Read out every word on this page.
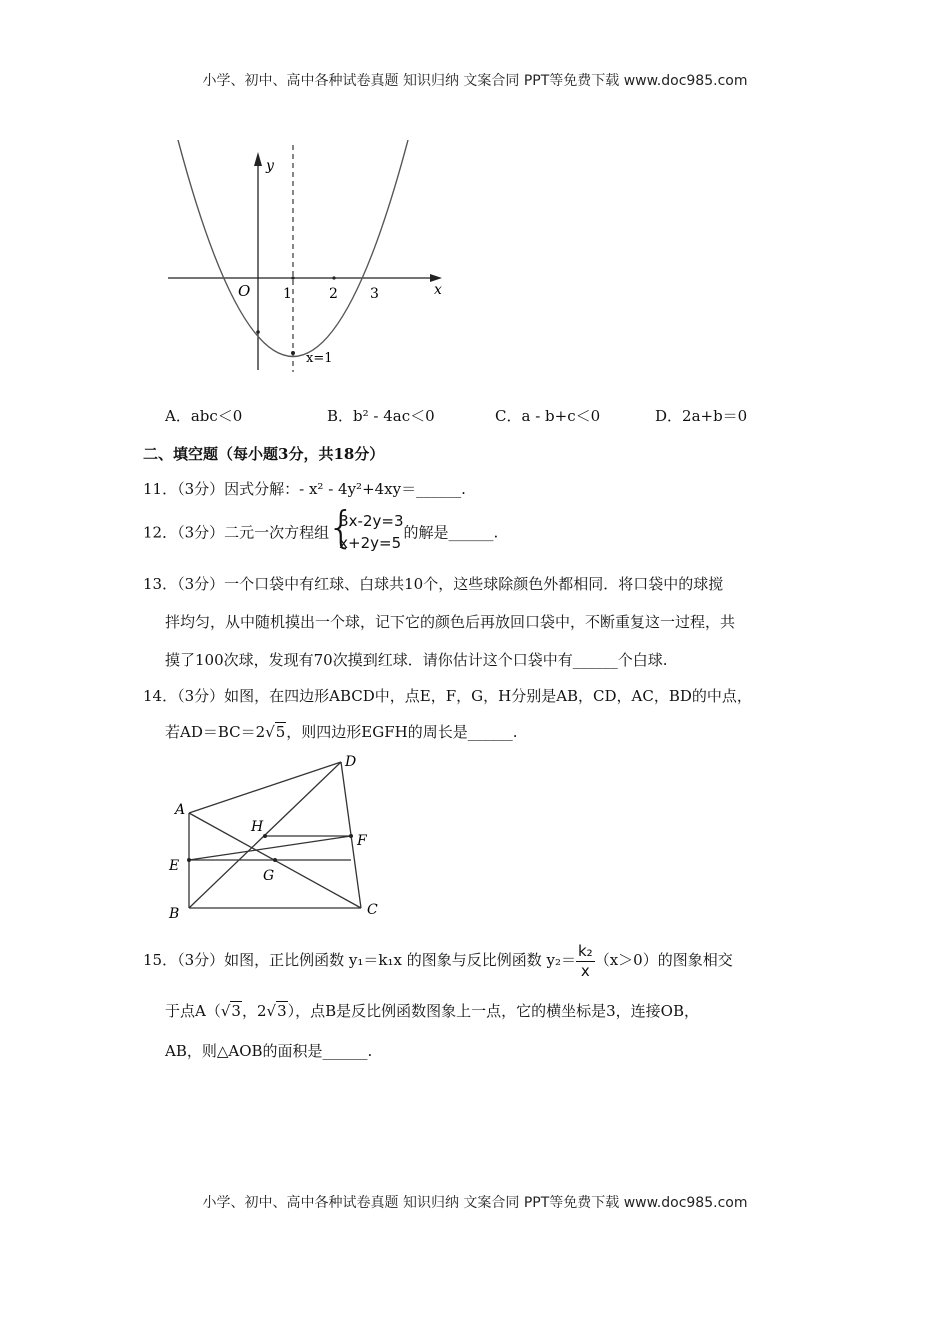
小学、初中、高中各种试卷真题 知识归纳 文案合同 PPT等免费下载 www.doc985.com
y
x
O 1	2 3
x=1
A．abc＜0	B．b² - 4ac＜0	C．a - b+c＜0	D．2a+b＝0
二、填空题（每小题3分，共18分）
11．（3分）因式分解：- x² - 4y²+4xy＝______.
12．（3分）二元一次方程组
{
3x-2y=3
x+2y=5
的解是______.
13．（3分）一个口袋中有红球、白球共10个，这些球除颜色外都相同．将口袋中的球搅
拌均匀，从中随机摸出一个球，记下它的颜色后再放回口袋中，不断重复这一过程，共
摸了100次球，发现有70次摸到红球．请你估计这个口袋中有______个白球.
14．（3分）如图，在四边形ABCD中，点E，F，G，H分别是AB，CD，AC，BD的中点，
若AD＝BC＝2√5，则四边形EGFH的周长是______.
A
D
E
F
G
H
B	C
15．（3分）如图，正比例函数 y₁＝k₁x 的图象与反比例函数 $y_2= \frac{\text{k₂}}{x} (x>0)$的图象相交
于点A（√3，2√3），点B是反比例函数图象上一点，它的横坐标是3，连接OB，
AB，则△AOB的面积是______.
小学、初中、高中各种试卷真题 知识归纳 文案合同 PPT等免费下载 www.doc985.com
